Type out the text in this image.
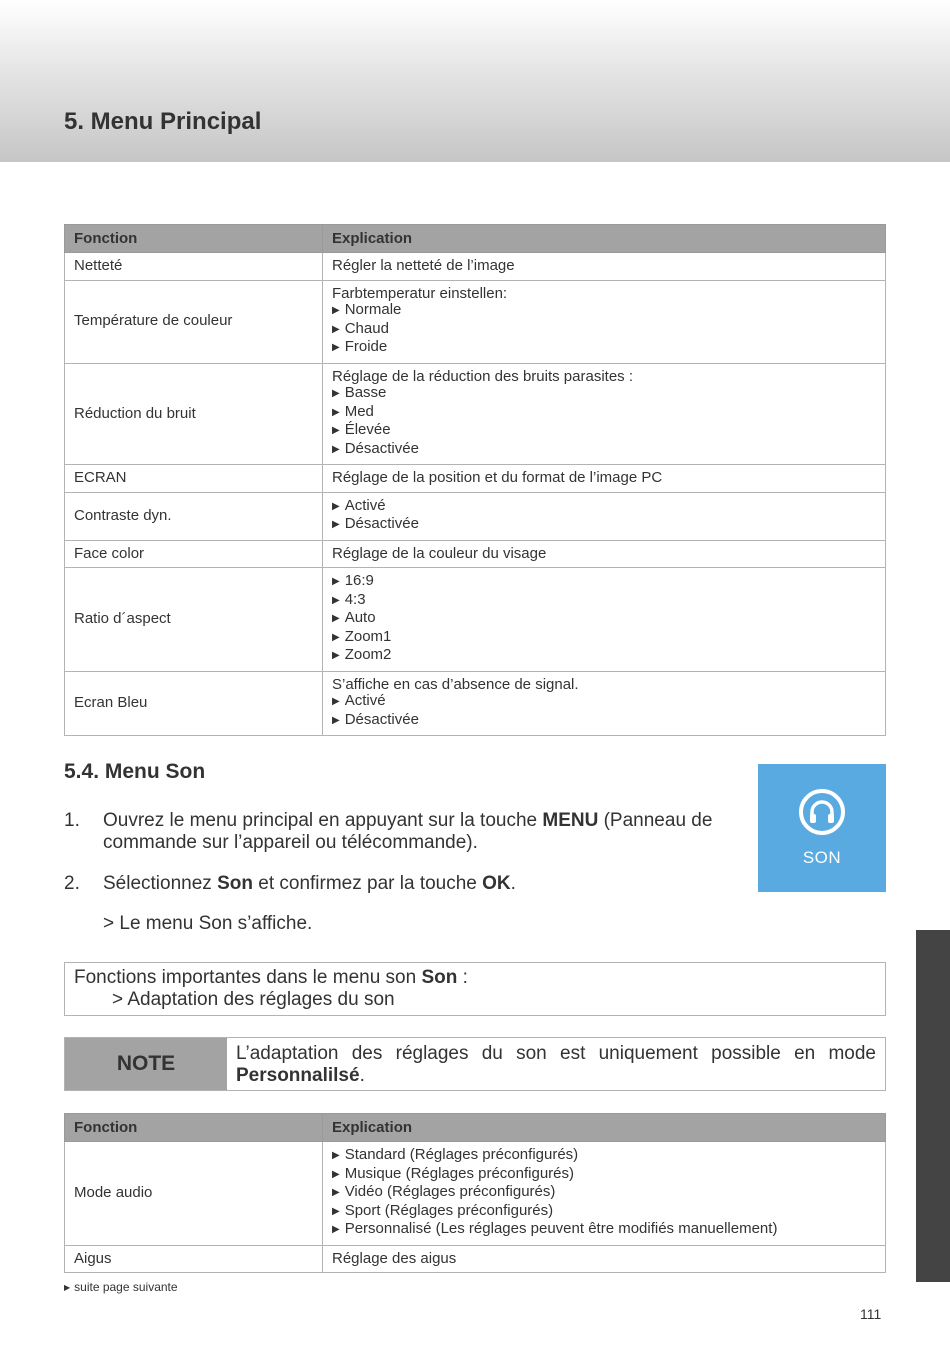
5. Menu Principal
Fonction	Explication
Netteté	Régler la netteté de l’image

Température de couleur	Farbtemperatur einstellen:
▶ Normale
▶ Chaud
▶ Froide

Réduction du bruit	Réglage de la réduction des bruits parasites :
▶ Basse
▶ Med
▶ Élevée
▶ Désactivée

ECRAN	Réglage de la position et du format de l’image PC

Contraste dyn.	▶ Activé
▶ Désactivée

Face color	Réglage de la couleur du visage

Ratio d´aspect	▶ 16:9
▶ 4:3
▶ Auto
▶ Zoom1
▶ Zoom2

Ecran Bleu	S’affiche en cas d’absence de signal.
▶ Activé
▶ Désactivée
5.4. Menu Son
1. Ouvrez le menu principal en appuyant sur la touche MENU (Panneau de commande sur l’appareil ou télécommande).
2. Sélectionnez Son et confirmez par la touche OK.
> Le menu Son s’affiche.
SON
Fonctions importantes dans le menu son Son :
> Adaptation des réglages du son
NOTE	L’adaptation des réglages du son est uniquement possible en mode Personnalilsé.
Fonction	Explication
Mode audio	▶ Standard (Réglages préconfigurés)
▶ Musique (Réglages préconfigurés)
▶ Vidéo (Réglages préconfigurés)
▶ Sport (Réglages préconfigurés)
▶ Personnalisé (Les réglages peuvent être modifiés manuellement)

Aigus	Réglage des aigus
▶ suite page suivante
111
Français
